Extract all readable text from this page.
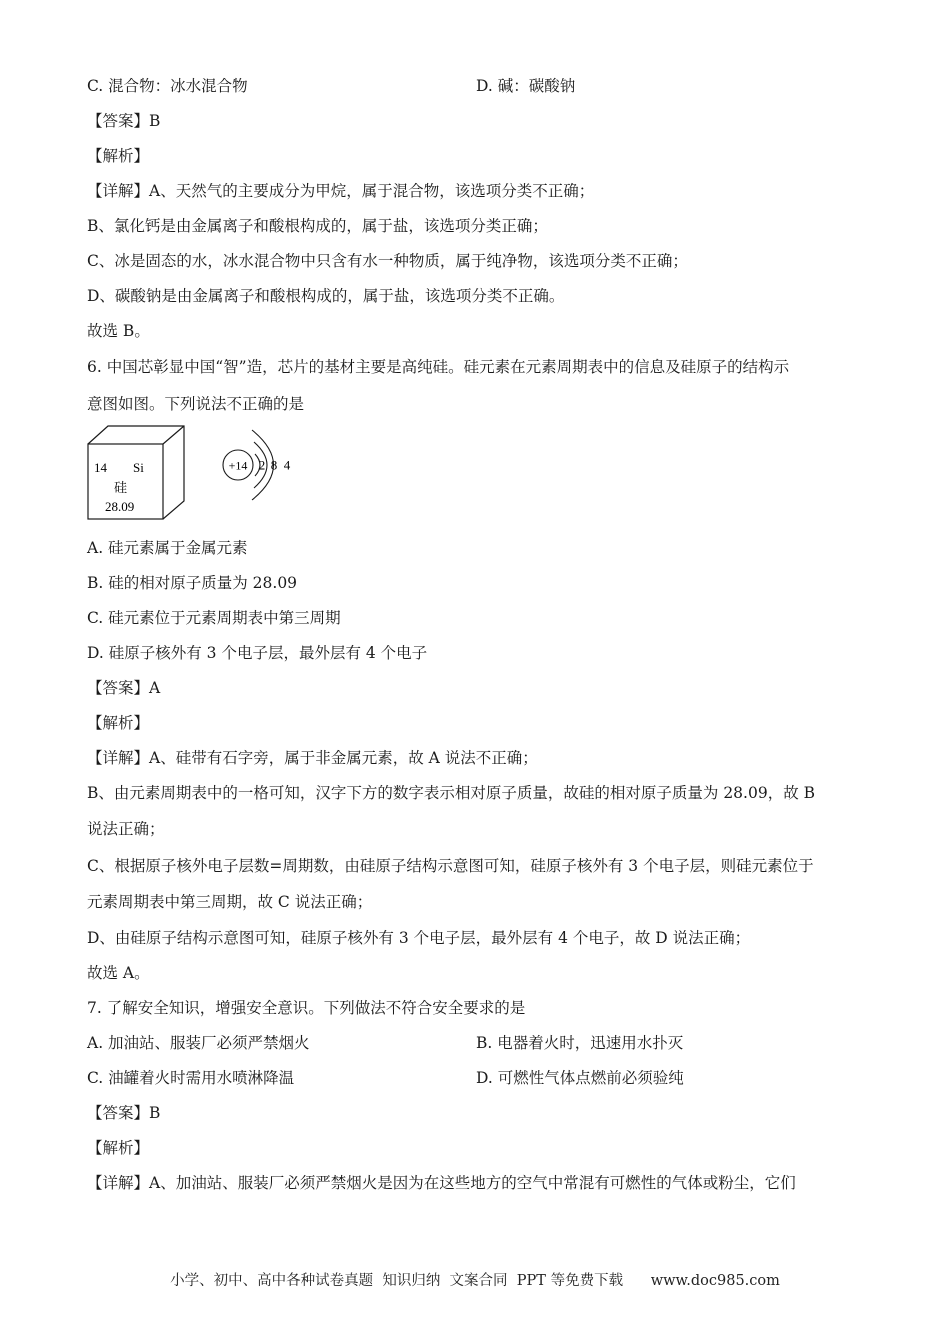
C. 混合物：冰水混合物	D. 碱：碳酸钠
【答案】B
【解析】
【详解】A、天然气的主要成分为甲烷，属于混合物，该选项分类不正确；
B、氯化钙是由金属离子和酸根构成的，属于盐，该选项分类正确；
C、冰是固态的水，冰水混合物中只含有水一种物质，属于纯净物，该选项分类不正确；
D、碳酸钠是由金属离子和酸根构成的，属于盐，该选项分类不正确。
故选 B。
6. 中国芯彰显中国“智”造，芯片的基材主要是高纯硅。硅元素在元素周期表中的信息及硅原子的结构示
意图如图。下列说法不正确的是
14 Si
硅
28.09
+14 2 8 4
A. 硅元素属于金属元素
B. 硅的相对原子质量为 28.09
C. 硅元素位于元素周期表中第三周期
D. 硅原子核外有 3 个电子层，最外层有 4 个电子
【答案】A
【解析】
【详解】A、硅带有石字旁，属于非金属元素，故 A 说法不正确；
B、由元素周期表中的一格可知，汉字下方的数字表示相对原子质量，故硅的相对原子质量为 28.09，故 B
说法正确；
C、根据原子核外电子层数=周期数，由硅原子结构示意图可知，硅原子核外有 3 个电子层，则硅元素位于
元素周期表中第三周期，故 C 说法正确；
D、由硅原子结构示意图可知，硅原子核外有 3 个电子层，最外层有 4 个电子，故 D 说法正确；
故选 A。
7. 了解安全知识，增强安全意识。下列做法不符合安全要求的是
A. 加油站、服装厂必须严禁烟火	B. 电器着火时，迅速用水扑灭
C. 油罐着火时需用水喷淋降温	D. 可燃性气体点燃前必须验纯
【答案】B
【解析】
【详解】A、加油站、服装厂必须严禁烟火是因为在这些地方的空气中常混有可燃性的气体或粉尘，它们
小学、初中、高中各种试卷真题  知识归纳  文案合同  PPT 等免费下载 www.doc985.com
